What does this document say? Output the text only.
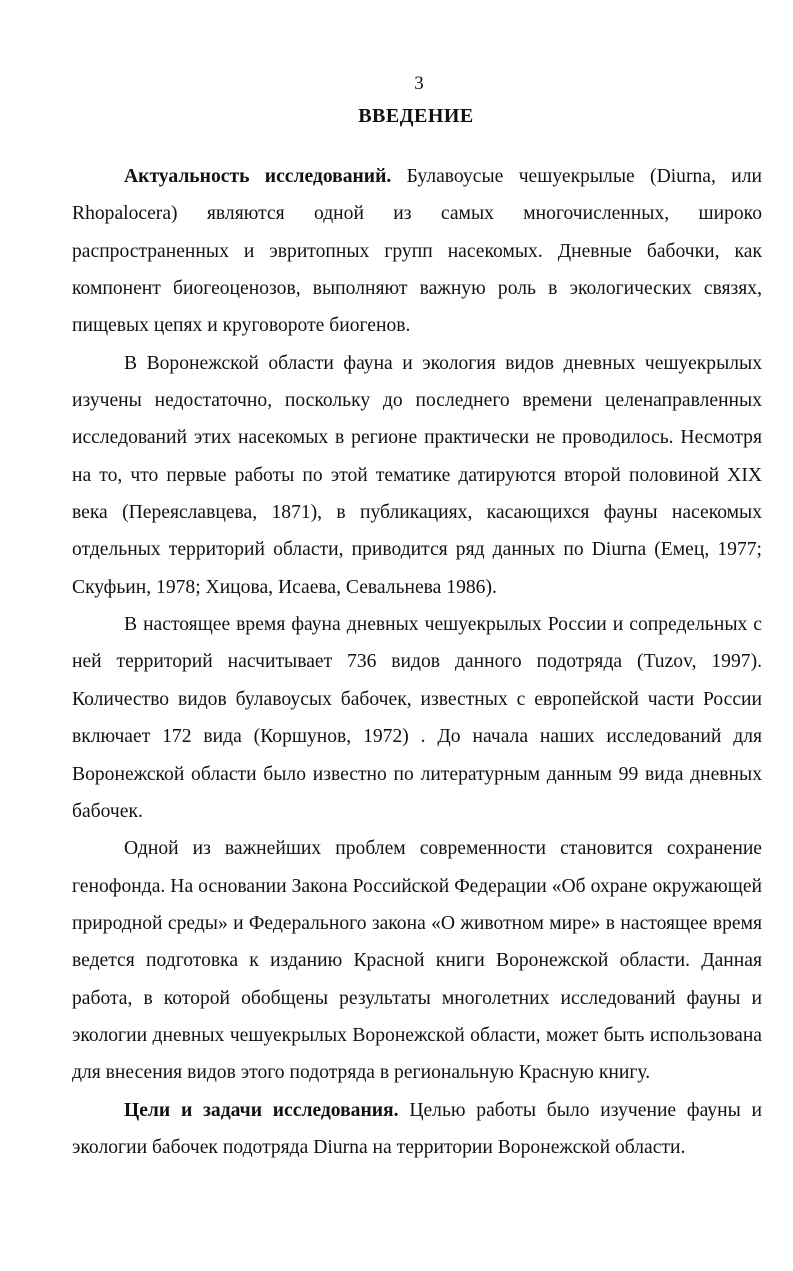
3
ВВЕДЕНИЕ

Актуальность исследований. Булавоусые чешуекрылые (Diurna, или Rhopalocera) являются одной из самых многочисленных, широко распространенных и эвритопных групп насекомых. Дневные бабочки, как компонент биогеоценозов, выполняют важную роль в экологических связях, пищевых цепях и круговороте биогенов.

В Воронежской области фауна и экология видов дневных чешуекрылых изучены недостаточно, поскольку до последнего времени целенаправленных исследований этих насекомых в регионе практически не проводилось. Несмотря на то, что первые работы по этой тематике датируются второй половиной XIX века (Переяславцева, 1871), в публикациях, касающихся фауны насекомых отдельных территорий области, приводится ряд данных по Diurna (Емец, 1977; Скуфьин, 1978; Хицова, Исаева, Севальнева 1986).

В настоящее время фауна дневных чешуекрылых России и сопредельных с ней территорий насчитывает 736 видов данного подотряда (Tuzov, 1997). Количество видов булавоусых бабочек, известных с европейской части России включает 172 вида (Коршунов, 1972) . До начала наших исследований для Воронежской области было известно по литературным данным 99 вида дневных бабочек.

Одной из важнейших проблем современности становится сохранение генофонда. На основании Закона Российской Федерации «Об охране окружающей природной среды» и Федерального закона «О животном мире» в настоящее время ведется подготовка к изданию Красной книги Воронежской области. Данная работа, в которой обобщены результаты многолетних исследований фауны и экологии дневных чешуекрылых Воронежской области, может быть использована для внесения видов этого подотряда в региональную Красную книгу.

Цели и задачи исследования. Целью работы было изучение фауны и экологии бабочек подотряда Diurna на территории Воронежской области.
